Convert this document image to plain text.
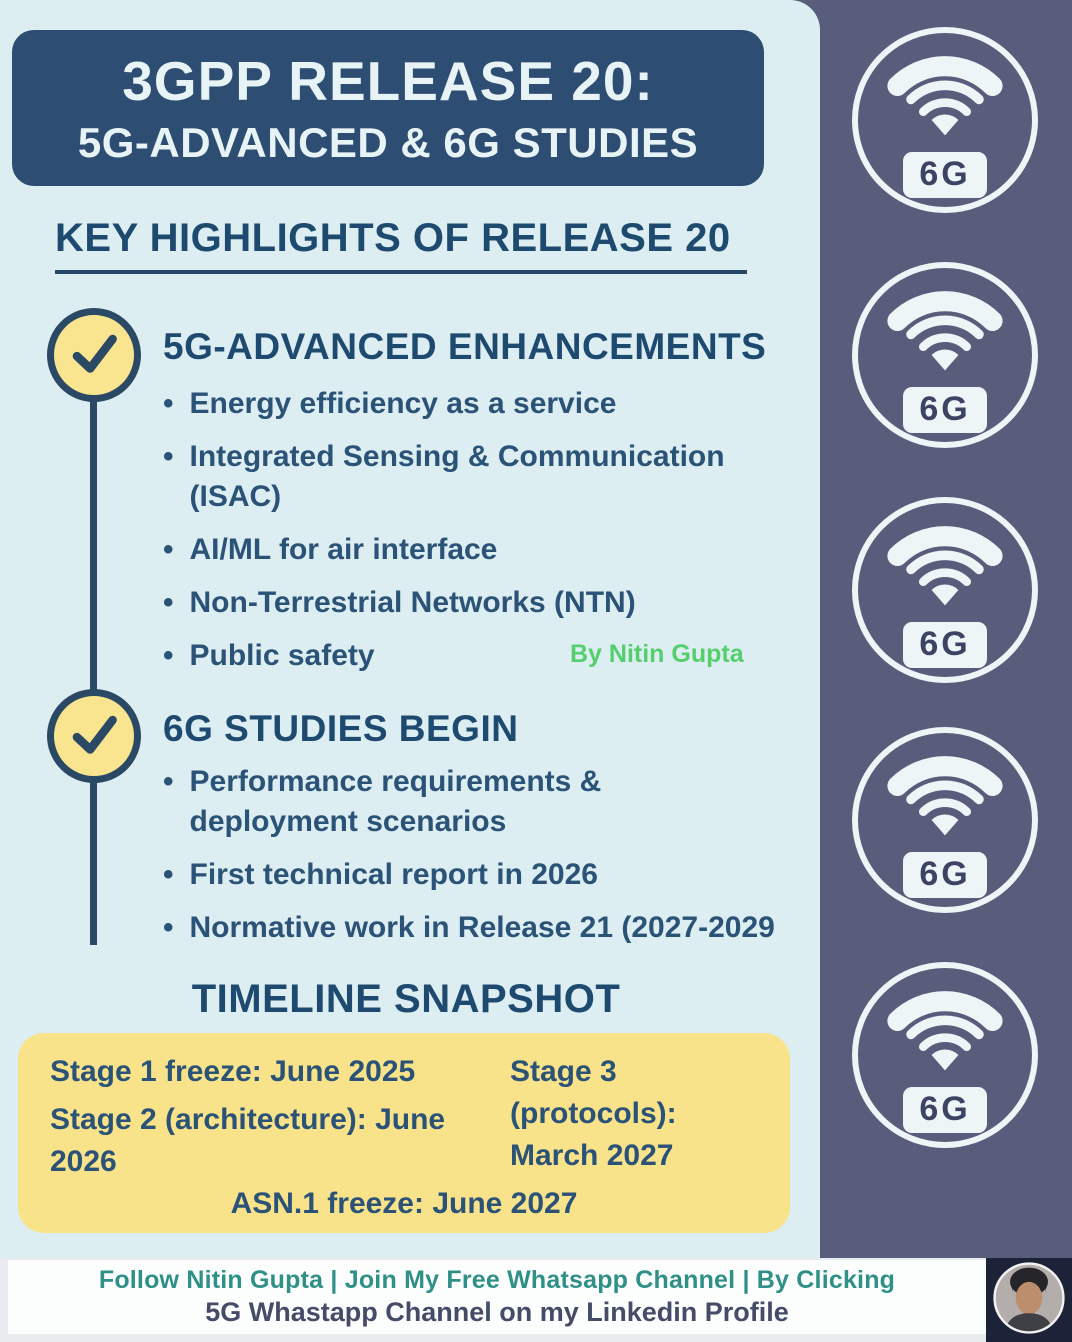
3GPP RELEASE 20:
5G-ADVANCED & 6G STUDIES
KEY HIGHLIGHTS OF RELEASE 20
5G-ADVANCED ENHANCEMENTS
• Energy efficiency as a service
• Integrated Sensing & Communication (ISAC)
• AI/ML for air interface
• Non-Terrestrial Networks (NTN)
• Public safety	By Nitin Gupta
6G STUDIES BEGIN
• Performance requirements & deployment scenarios
• First technical report in 2026
• Normative work in Release 21 (2027-2029
TIMELINE SNAPSHOT
Stage 1 freeze: June 2025
Stage 2 (architecture): June 2026
Stage 3 (protocols): March 2027
ASN.1 freeze: June 2027
6G
6G
6G
6G
6G
Follow Nitin Gupta | Join My Free Whatsapp Channel | By Clicking
5G Whastapp Channel on my Linkedin Profile
